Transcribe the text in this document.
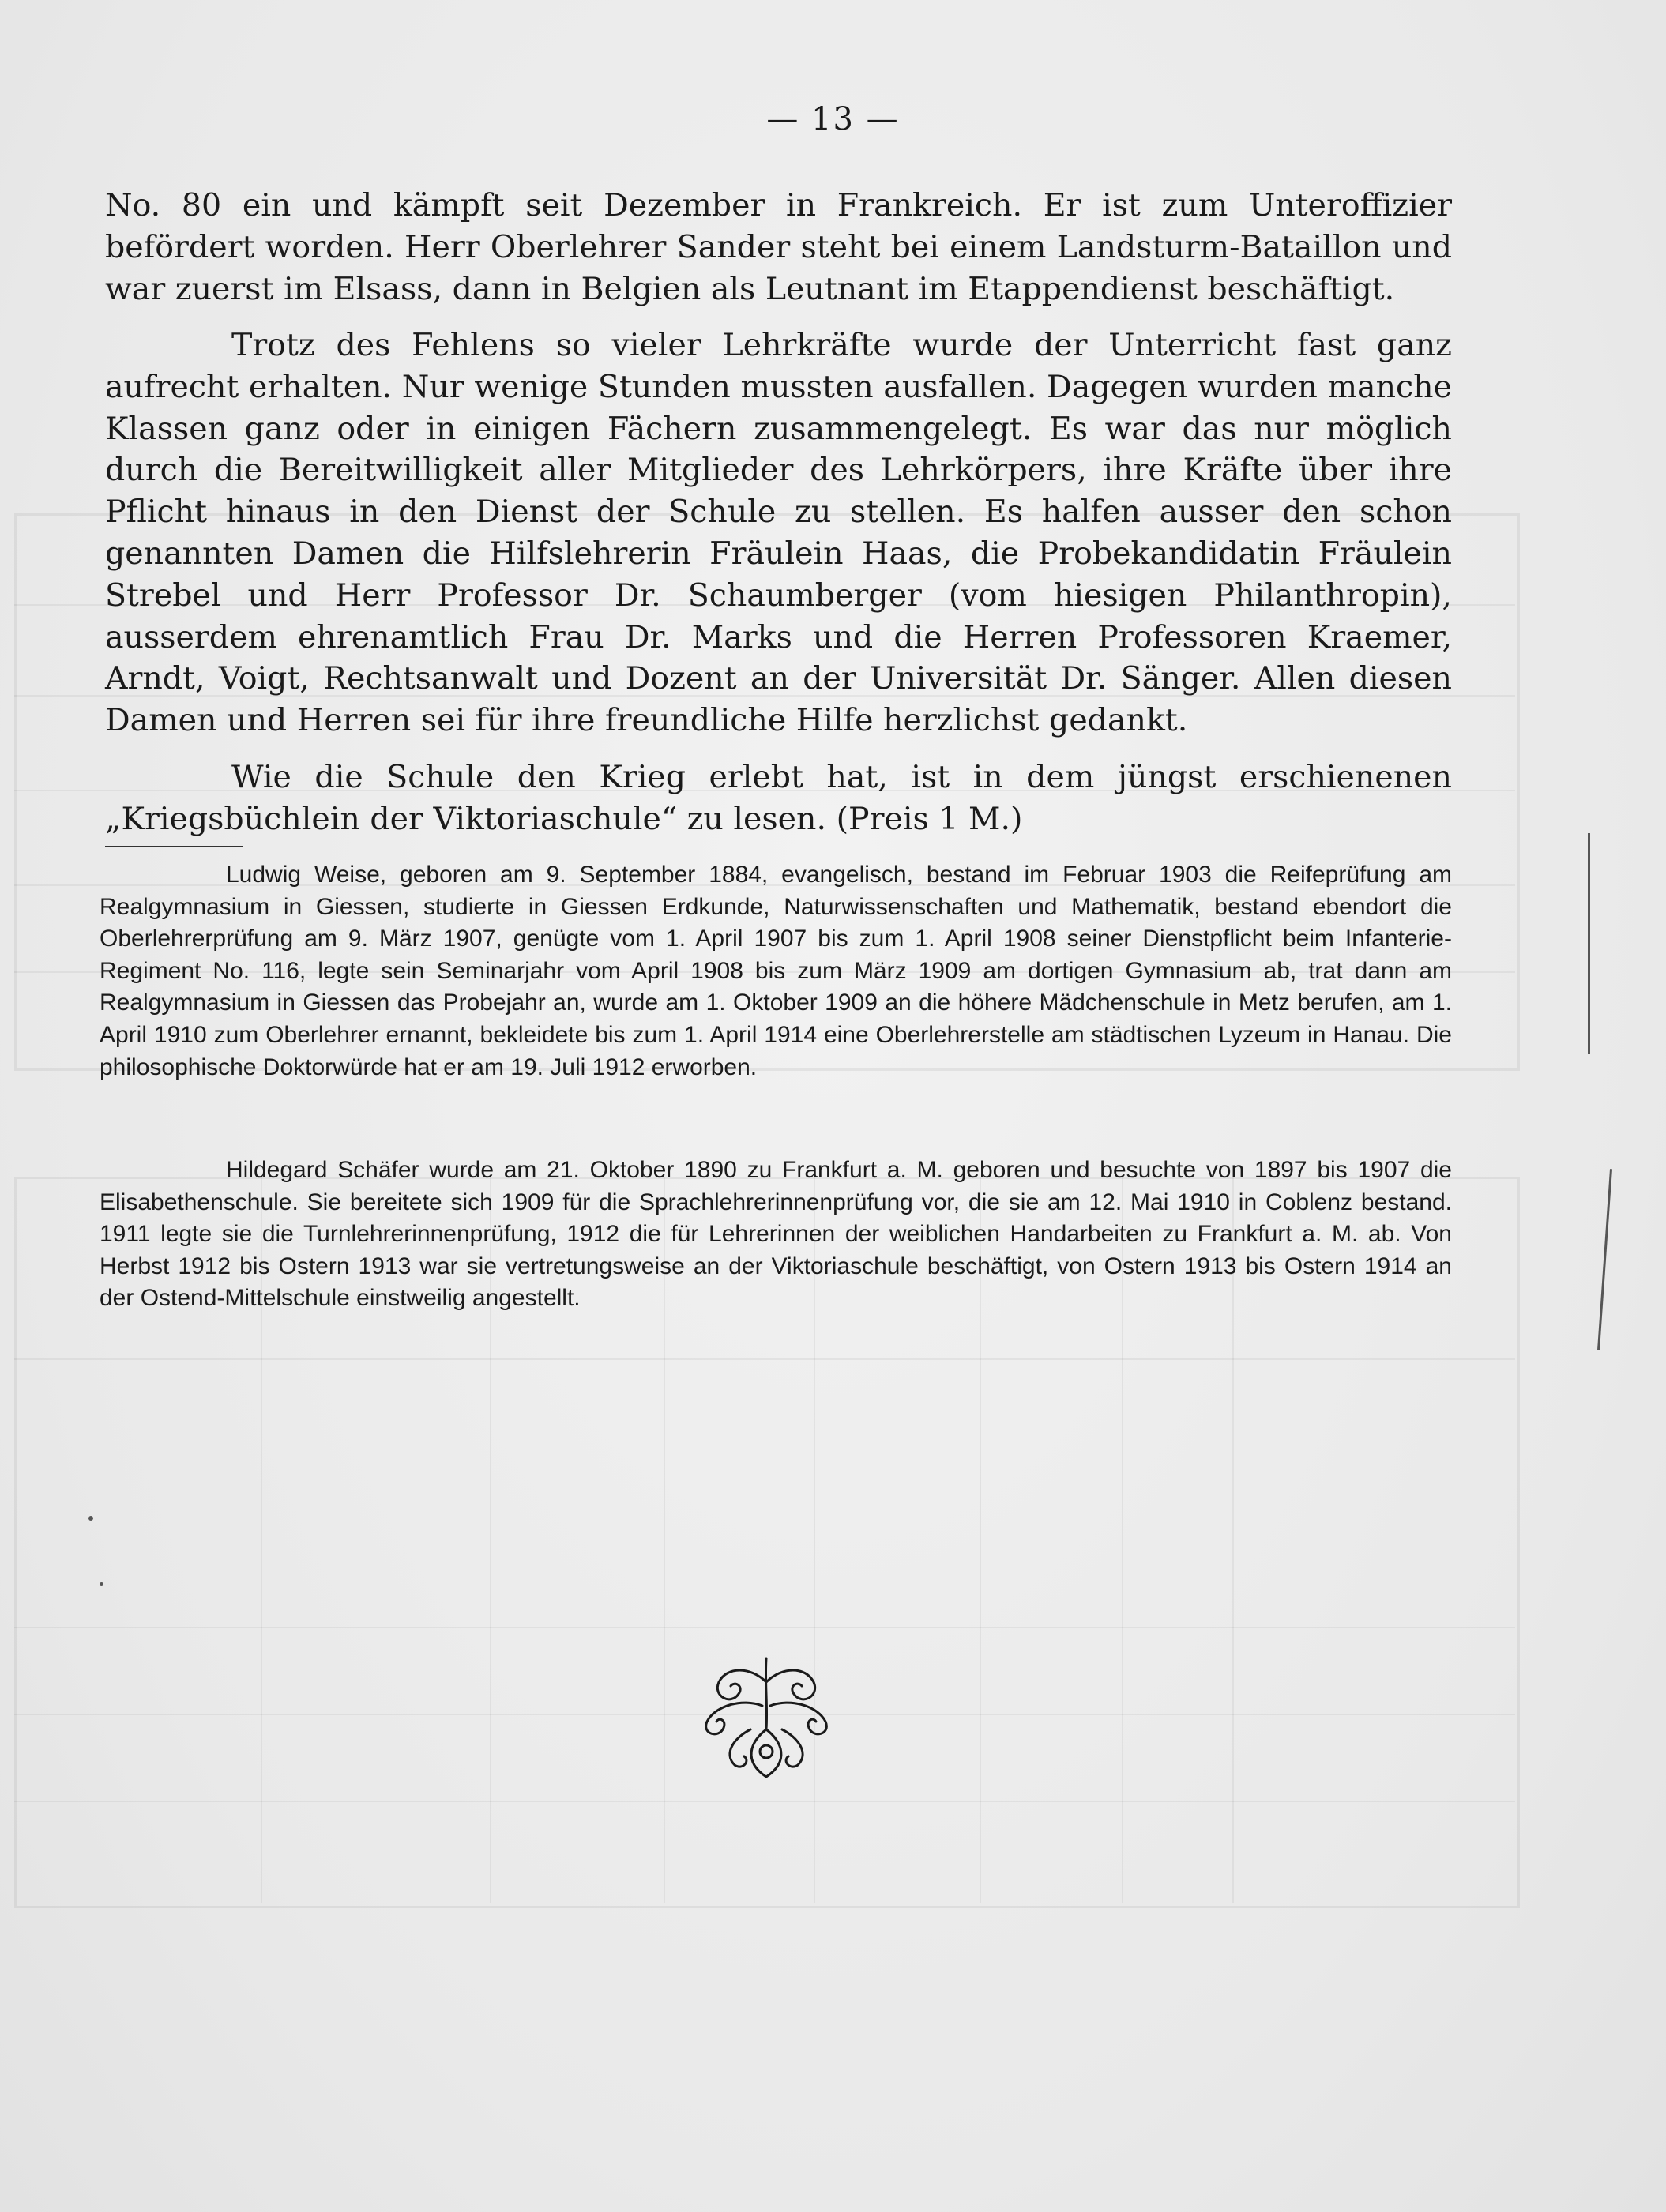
— 13 —

No. 80 ein und kämpft seit Dezember in Frankreich. Er ist zum Unteroffizier befördert worden. Herr Oberlehrer Sander steht bei einem Landsturm-Bataillon und war zuerst im Elsass, dann in Belgien als Leutnant im Etappendienst beschäftigt.

Trotz des Fehlens so vieler Lehrkräfte wurde der Unterricht fast ganz aufrecht erhalten. Nur wenige Stunden mussten ausfallen. Dagegen wurden manche Klassen ganz oder in einigen Fächern zusammengelegt. Es war das nur möglich durch die Bereitwilligkeit aller Mitglieder des Lehrkörpers, ihre Kräfte über ihre Pflicht hinaus in den Dienst der Schule zu stellen. Es halfen ausser den schon genannten Damen die Hilfslehrerin Fräulein Haas, die Probekandidatin Fräulein Strebel und Herr Professor Dr. Schaumberger (vom hiesigen Philanthropin), ausserdem ehrenamtlich Frau Dr. Marks und die Herren Professoren Kraemer, Arndt, Voigt, Rechtsanwalt und Dozent an der Universität Dr. Sänger. Allen diesen Damen und Herren sei für ihre freundliche Hilfe herzlichst gedankt.

Wie die Schule den Krieg erlebt hat, ist in dem jüngst erschienenen „Kriegsbüchlein der Viktoriaschule“ zu lesen. (Preis 1 M.)

Ludwig Weise, geboren am 9. September 1884, evangelisch, bestand im Februar 1903 die Reifeprüfung am Realgymnasium in Giessen, studierte in Giessen Erdkunde, Naturwissenschaften und Mathematik, bestand ebendort die Oberlehrerprüfung am 9. März 1907, genügte vom 1. April 1907 bis zum 1. April 1908 seiner Dienstpflicht beim Infanterie-Regiment No. 116, legte sein Seminarjahr vom April 1908 bis zum März 1909 am dortigen Gymnasium ab, trat dann am Realgymnasium in Giessen das Probejahr an, wurde am 1. Oktober 1909 an die höhere Mädchenschule in Metz berufen, am 1. April 1910 zum Oberlehrer ernannt, bekleidete bis zum 1. April 1914 eine Oberlehrerstelle am städtischen Lyzeum in Hanau. Die philosophische Doktorwürde hat er am 19. Juli 1912 erworben.

Hildegard Schäfer wurde am 21. Oktober 1890 zu Frankfurt a. M. geboren und besuchte von 1897 bis 1907 die Elisabethenschule. Sie bereitete sich 1909 für die Sprachlehrerinnenprüfung vor, die sie am 12. Mai 1910 in Coblenz bestand. 1911 legte sie die Turnlehrerinnenprüfung, 1912 die für Lehrerinnen der weiblichen Handarbeiten zu Frankfurt a. M. ab. Von Herbst 1912 bis Ostern 1913 war sie vertretungsweise an der Viktoriaschule beschäftigt, von Ostern 1913 bis Ostern 1914 an der Ostend-Mittelschule einstweilig angestellt.
